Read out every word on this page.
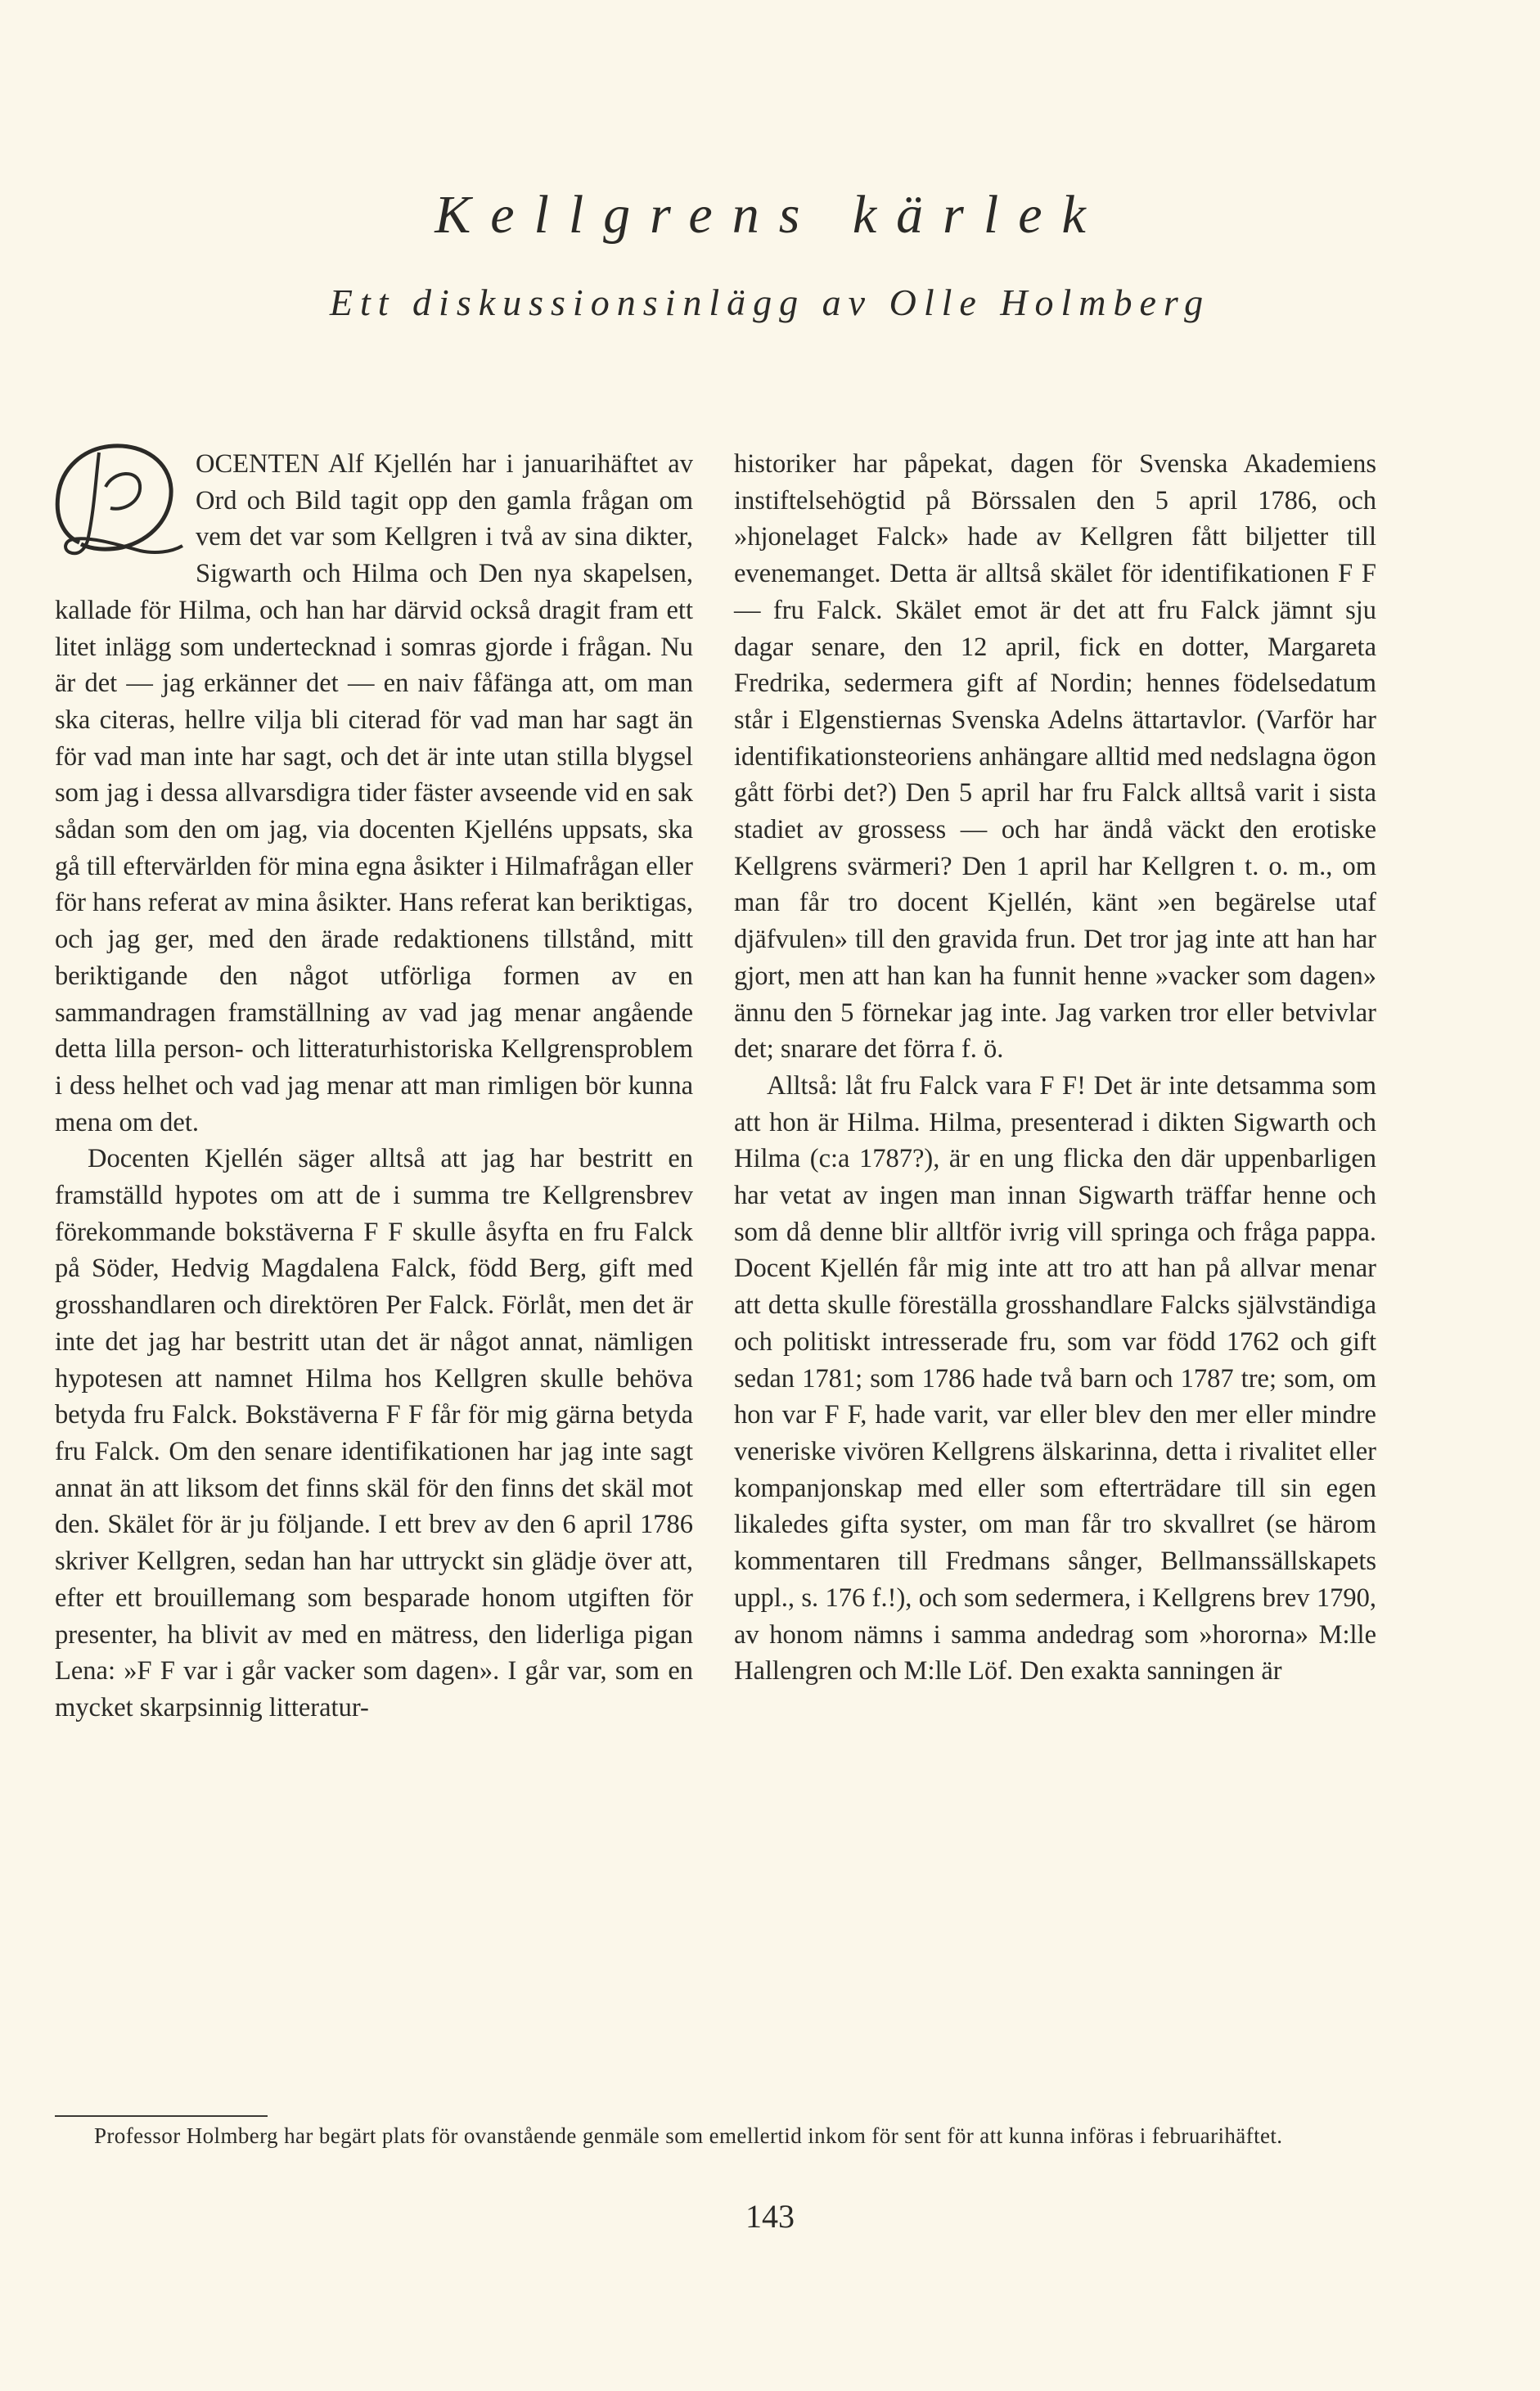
Kellgrens kärlek
Ett diskussionsinlägg av Olle Holmberg

OCENTEN Alf Kjellén har i januarihäftet av Ord och Bild tagit opp den gamla frågan om vem det var som Kellgren i två av sina dikter, Sigwarth och Hilma och Den nya skapelsen, kallade för Hilma, och han har därvid också dragit fram ett litet inlägg som undertecknad i somras gjorde i frågan. Nu är det — jag erkänner det — en naiv fåfänga att, om man ska citeras, hellre vilja bli citerad för vad man har sagt än för vad man inte har sagt, och det är inte utan stilla blygsel som jag i dessa allvarsdigra tider fäster avseende vid en sak sådan som den om jag, via docenten Kjelléns uppsats, ska gå till eftervärlden för mina egna åsikter i Hilmafrågan eller för hans referat av mina åsikter. Hans referat kan beriktigas, och jag ger, med den ärade redaktionens tillstånd, mitt beriktigande den något utförliga formen av en sammandragen framställning av vad jag menar angående detta lilla person- och litteraturhistoriska Kellgrensproblem i dess helhet och vad jag menar att man rimligen bör kunna mena om det.

Docenten Kjellén säger alltså att jag har bestritt en framställd hypotes om att de i summa tre Kellgrensbrev förekommande bokstäverna F F skulle åsyfta en fru Falck på Söder, Hedvig Magdalena Falck, född Berg, gift med grosshandlaren och direktören Per Falck. Förlåt, men det är inte det jag har bestritt utan det är något annat, nämligen hypotesen att namnet Hilma hos Kellgren skulle behöva betyda fru Falck. Bokstäverna F F får för mig gärna betyda fru Falck. Om den senare identifikationen har jag inte sagt annat än att liksom det finns skäl för den finns det skäl mot den. Skälet för är ju följande. I ett brev av den 6 april 1786 skriver Kellgren, sedan han har uttryckt sin glädje över att, efter ett brouillemang som besparade honom utgiften för presenter, ha blivit av med en mätress, den liderliga pigan Lena: »F F var i går vacker som dagen». I går var, som en mycket skarpsinnig litteratur-

historiker har påpekat, dagen för Svenska Akademiens instiftelsehögtid på Börssalen den 5 april 1786, och »hjonelaget Falck» hade av Kellgren fått biljetter till evenemanget. Detta är alltså skälet för identifikationen F F — fru Falck. Skälet emot är det att fru Falck jämnt sju dagar senare, den 12 april, fick en dotter, Margareta Fredrika, sedermera gift af Nordin; hennes födelsedatum står i Elgenstiernas Svenska Adelns ättartavlor. (Varför har identifikationsteoriens anhängare alltid med nedslagna ögon gått förbi det?) Den 5 april har fru Falck alltså varit i sista stadiet av grossess — och har ändå väckt den erotiske Kellgrens svärmeri? Den 1 april har Kellgren t. o. m., om man får tro docent Kjellén, känt »en begärelse utaf djäfvulen» till den gravida frun. Det tror jag inte att han har gjort, men att han kan ha funnit henne »vacker som dagen» ännu den 5 förnekar jag inte. Jag varken tror eller betvivlar det; snarare det förra f. ö.

Alltså: låt fru Falck vara F F! Det är inte detsamma som att hon är Hilma. Hilma, presenterad i dikten Sigwarth och Hilma (c:a 1787?), är en ung flicka den där uppenbarligen har vetat av ingen man innan Sigwarth träffar henne och som då denne blir alltför ivrig vill springa och fråga pappa. Docent Kjellén får mig inte att tro att han på allvar menar att detta skulle föreställa grosshandlare Falcks självständiga och politiskt intresserade fru, som var född 1762 och gift sedan 1781; som 1786 hade två barn och 1787 tre; som, om hon var F F, hade varit, var eller blev den mer eller mindre veneriske vivören Kellgrens älskarinna, detta i rivalitet eller kompanjonskap med eller som efterträdare till sin egen likaledes gifta syster, om man får tro skvallret (se härom kommentaren till Fredmans sånger, Bellmanssällskapets uppl., s. 176 f.!), och som sedermera, i Kellgrens brev 1790, av honom nämns i samma andedrag som »hororna» M:lle Hallengren och M:lle Löf. Den exakta sanningen är

Professor Holmberg har begärt plats för ovanstående genmäle som emellertid inkom för sent för att kunna införas i februarihäftet.
143
